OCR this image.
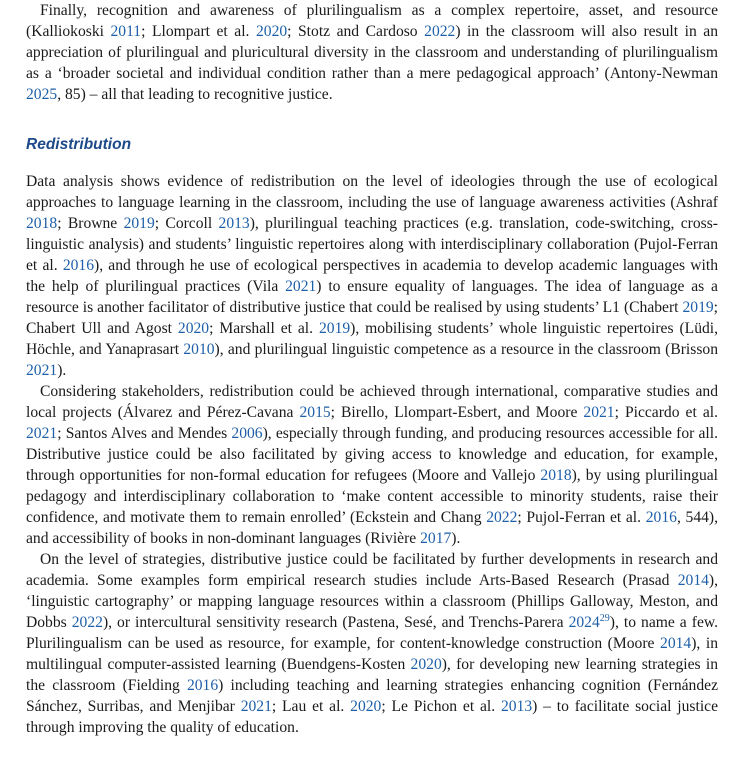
Finally, recognition and awareness of plurilingualism as a complex repertoire, asset, and resource (Kalliokoski 2011; Llompart et al. 2020; Stotz and Cardoso 2022) in the classroom will also result in an appreciation of plurilingual and pluricultural diversity in the classroom and understanding of plurilingualism as a ‘broader societal and individual condition rather than a mere pedagogical approach’ (Antony-Newman 2025, 85) – all that leading to recognitive justice.

Redistribution

Data analysis shows evidence of redistribution on the level of ideologies through the use of ecological approaches to language learning in the classroom, including the use of language awareness activities (Ashraf 2018; Browne 2019; Corcoll 2013), plurilingual teaching practices (e.g. translation, code-switching, cross-linguistic analysis) and students’ linguistic repertoires along with interdisciplinary collaboration (Pujol-Ferran et al. 2016), and through he use of ecological perspectives in academia to develop academic languages with the help of plurilingual practices (Vila 2021) to ensure equality of languages. The idea of language as a resource is another facilitator of distributive justice that could be realised by using students’ L1 (Chabert 2019; Chabert Ull and Agost 2020; Marshall et al. 2019), mobilising students’ whole linguistic repertoires (Lüdi, Höchle, and Yanaprasart 2010), and plurilingual linguistic competence as a resource in the classroom (Brisson 2021).

Considering stakeholders, redistribution could be achieved through international, comparative studies and local projects (Álvarez and Pérez-Cavana 2015; Birello, Llompart-Esbert, and Moore 2021; Piccardo et al. 2021; Santos Alves and Mendes 2006), especially through funding, and producing resources accessible for all. Distributive justice could be also facilitated by giving access to knowledge and education, for example, through opportunities for non-formal education for refugees (Moore and Vallejo 2018), by using plurilingual pedagogy and interdisciplinary collaboration to ‘make content accessible to minority students, raise their confidence, and motivate them to remain enrolled’ (Eckstein and Chang 2022; Pujol-Ferran et al. 2016, 544), and accessibility of books in non-dominant languages (Rivière 2017).

On the level of strategies, distributive justice could be facilitated by further developments in research and academia. Some examples form empirical research studies include Arts-Based Research (Prasad 2014), ‘linguistic cartography’ or mapping language resources within a classroom (Phillips Galloway, Meston, and Dobbs 2022), or intercultural sensitivity research (Pastena, Sesé, and Trenchs-Parera 2024$^{29}$), to name a few. Plurilingualism can be used as resource, for example, for content-knowledge construction (Moore 2014), in multilingual computer-assisted learning (Buendgens-Kosten 2020), for developing new learning strategies in the classroom (Fielding 2016) including teaching and learning strategies enhancing cognition (Fernández Sánchez, Surribas, and Menjibar 2021; Lau et al. 2020; Le Pichon et al. 2013) – to facilitate social justice through improving the quality of education.
